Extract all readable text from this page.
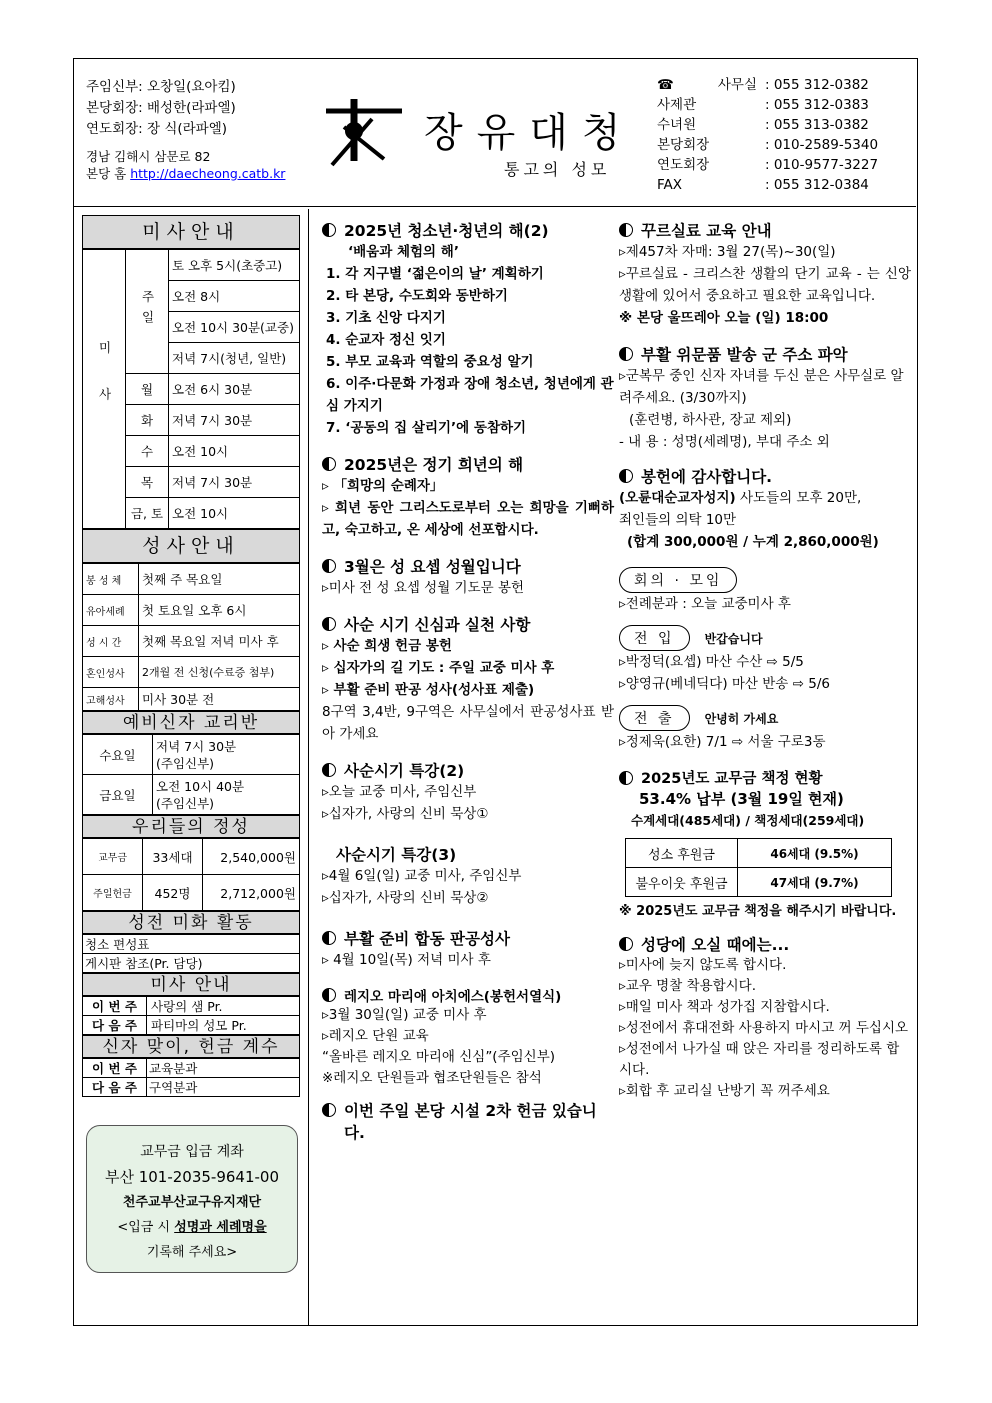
주임신부: 오창일(요아킴)
본당회장: 배성한(라파엘)
연도회장: 장 식(라파엘)
경남 김해시 삼문로 82
본당 홈 http://daecheong.catb.kr
장유대청
통고의 성모
☎ 사무실 : 055 312-0382
사제관	: 055 312-0383
수녀원	: 055 313-0382
본당회장	: 010-2589-5340
연도회장	: 010-9577-3227
FAX	: 055 312-0384
미사안내
미사	주일	토 오후 5시(초중고)
		오전 8시
		오전 10시 30분(교중)
		저녁 7시(청년, 일반)
	월	오전 6시 30분
	화	저녁 7시 30분
	수	오전 10시
	목	저녁 7시 30분
	금, 토	오전 10시
성사안내
봉 성 체	첫째 주 목요일
유아세례	첫 토요일 오후 6시
성 시 간	첫째 목요일 저녁 미사 후
혼인성사	2개월 전 신청(수료증 첨부)
고해성사	미사 30분 전
예비신자 교리반
수요일	저녁 7시 30분
(주임신부)

금요일	오전 10시 40분
(주임신부)
우리들의 정성
교무금	33세대	2,540,000원
주일헌금	452명	2,712,000원
성전 미화 활동
청소 편성표
게시판 참조(Pr. 담당)
미사 안내
이 번 주	사랑의 샘 Pr.
다 음 주	파티마의 성모 Pr.
신자 맞이, 헌금 계수
이 번 주	교육분과
다 음 주	구역분과
교무금 입금 계좌
부산 101-2035-9641-00
천주교부산교구유지재단
<입금 시 성명과 세례명을
기록해 주세요>
2025년 청소년·청년의 해(2)
‘배움과 체험의 해’
1. 각 지구별 ‘젊은이의 날’ 계획하기
2. 타 본당, 수도회와 동반하기
3. 기초 신앙 다지기
4. 순교자 정신 잇기
5. 부모 교육과 역할의 중요성 알기
6. 이주·다문화 가정과 장애 청소년, 청년에게 관심 가지기
7. ‘공동의 집 살리기’에 동참하기
2025년은 정기 희년의 해
▹ 「희망의 순례자」
▹ 희년 동안 그리스도로부터 오는 희망을 기뻐하고, 숙고하고, 온 세상에 선포합시다.
3월은 성 요셉 성월입니다
▹미사 전 성 요셉 성월 기도문 봉헌
사순 시기 신심과 실천 사항
▹ 사순 희생 헌금 봉헌
▹ 십자가의 길 기도 : 주일 교중 미사 후
▹ 부활 준비 판공 성사(성사표 제출)
8구역 3,4반, 9구역은 사무실에서 판공성사표 받아 가세요
사순시기 특강(2)
▹오늘 교중 미사, 주임신부
▹십자가, 사랑의 신비 묵상①
사순시기 특강(3)
▹4월 6일(일) 교중 미사, 주임신부
▹십자가, 사랑의 신비 묵상②
부활 준비 합동 판공성사
▹ 4월 10일(목) 저녁 미사 후
레지오 마리애 아치에스(봉헌서열식)
▹3월 30일(일) 교중 미사 후
▹레지오 단원 교육
“올바른 레지오 마리애 신심”(주임신부)
※레지오 단원들과 협조단원들은 참석
이번 주일 본당 시설 2차 헌금 있습니다.
꾸르실료 교육 안내
▹제457차 자매: 3월 27(목)~30(일)
▹꾸르실료 - 크리스찬 생활의 단기 교육 - 는 신앙생활에 있어서 중요하고 필요한 교육입니다.
※ 본당 울뜨레아 오늘 (일) 18:00
부활 위문품 발송 군 주소 파악
▹군복무 중인 신자 자녀를 두신 분은 사무실로 알려주세요. (3/30까지)
(훈련병, 하사관, 장교 제외)
- 내 용 : 성명(세례명), 부대 주소 외
봉헌에 감사합니다.
(오륜대순교자성지) 사도들의 모후 20만,
죄인들의 의탁 10만
(합계 300,000원 / 누계 2,860,000원)
회의 · 모임
▹전례분과 : 오늘 교중미사 후
전 입	반갑습니다
▹박정덕(요셉) 마산 수산 ⇨ 5/5
▹양영규(베네딕다) 마산 반송 ⇨ 5/6
전 출	안녕히 가세요
▹정제욱(요한) 7/1 ⇨ 서울 구로3동
2025년도 교무금 책정 현황
53.4% 납부 (3월 19일 현재)
수계세대(485세대) / 책정세대(259세대)
성소 후원금	46세대 (9.5%)
불우이웃 후원금	47세대 (9.7%)
※ 2025년도 교무금 책정을 해주시기 바랍니다.
성당에 오실 때에는...
▹미사에 늦지 않도록 합시다.
▹교우 명찰 착용합시다.
▹매일 미사 책과 성가집 지참합시다.
▹성전에서 휴대전화 사용하지 마시고 꺼 두십시오
▹성전에서 나가실 때 앉은 자리를 정리하도록 합시다.
▹회합 후 교리실 난방기 꼭 꺼주세요
